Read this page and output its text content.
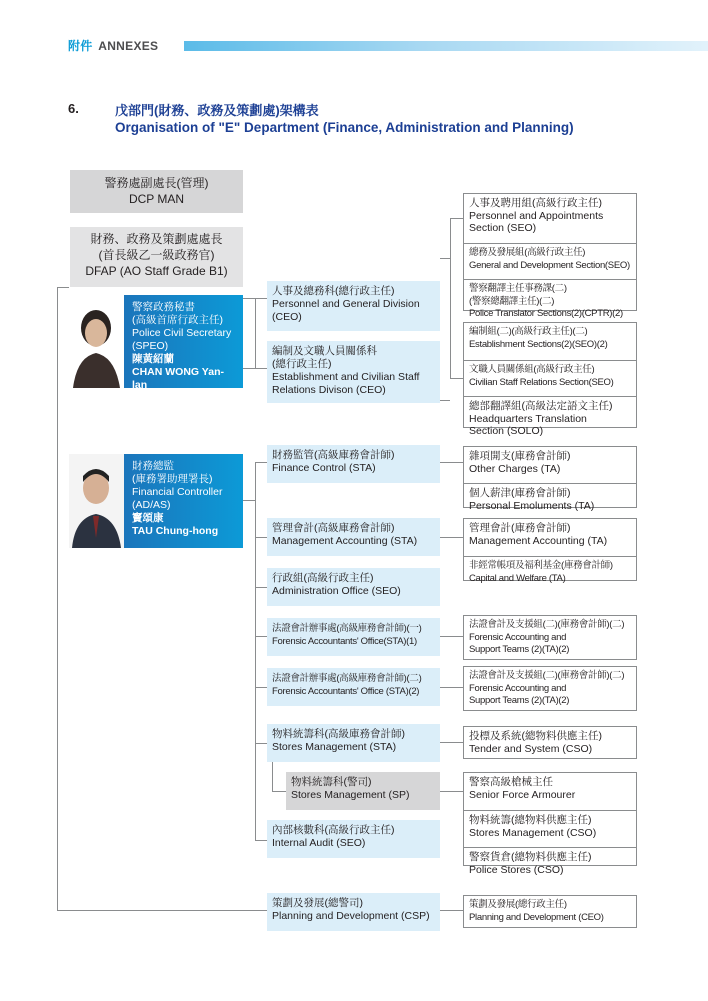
附件 ANNEXES
6.	戊部門(財務、政務及策劃處)架構表
Organisation of "E" Department (Finance, Administration and Planning)
警務處副處長(管理)
DCP MAN
財務、政務及策劃處處長
(首長級乙一級政務官)
DFAP (AO Staff Grade B1)
警察政務秘書
(高級首席行政主任)
Police Civil Secretary
(SPEO)
陳黃紹蘭
CHAN WONG Yan-lan
財務總監
(庫務署助理署長)
Financial Controller
(AD/AS)
竇頌康
TAU Chung-hong
人事及總務科(總行政主任)
Personnel and General Division
(CEO)
編制及文職人員關係科
(總行政主任)
Establishment and Civilian Staff
Relations Divison (CEO)
財務監管(高級庫務會計師)
Finance Control (STA)
管理會計(高級庫務會計師)
Management Accounting (STA)
行政組(高級行政主任)
Administration Office (SEO)
法證會計辦事處(高級庫務會計師)(一)
Forensic Accountants' Office(STA)(1)
法證會計辦事處(高級庫務會計師)(二)
Forensic Accountants' Office (STA)(2)
物料統籌科(高級庫務會計師)
Stores Management (STA)
物料統籌科(警司)
Stores Management (SP)
內部核數科(高級行政主任)
Internal Audit (SEO)
策劃及發展(總警司)
Planning and Development (CSP)
人事及聘用組(高級行政主任)
Personnel and Appointments
Section (SEO)
總務及發展組(高級行政主任)
General and Development Section(SEO)
警察翻譯主任事務課(二)
(警察總翻譯主任)(二)
Police Translator Sections(2)(CPTR)(2)
編制組(二)(高級行政主任)(二)
Establishment Sections(2)(SEO)(2)
文職人員關係組(高級行政主任)
Civilian Staff Relations Section(SEO)
總部翻譯組(高級法定語文主任)
Headquarters Translation
Section (SOLO)
雜項開支(庫務會計師)
Other Charges (TA)
個人薪津(庫務會計師)
Personal Emoluments (TA)
管理會計(庫務會計師)
Management Accounting (TA)
非經常帳項及福利基金(庫務會計師)
Capital and Welfare (TA)
法證會計及支援組(二)(庫務會計師)(二)
Forensic Accounting and
Support Teams (2)(TA)(2)
法證會計及支援組(二)(庫務會計師)(二)
Forensic Accounting and
Support Teams (2)(TA)(2)
投標及系統(總物料供應主任)
Tender and System (CSO)
警察高級槍械主任
Senior Force Armourer
物料統籌(總物料供應主任)
Stores Management (CSO)
警察貨倉(總物料供應主任)
Police Stores (CSO)
策劃及發展(總行政主任)
Planning and Development (CEO)
